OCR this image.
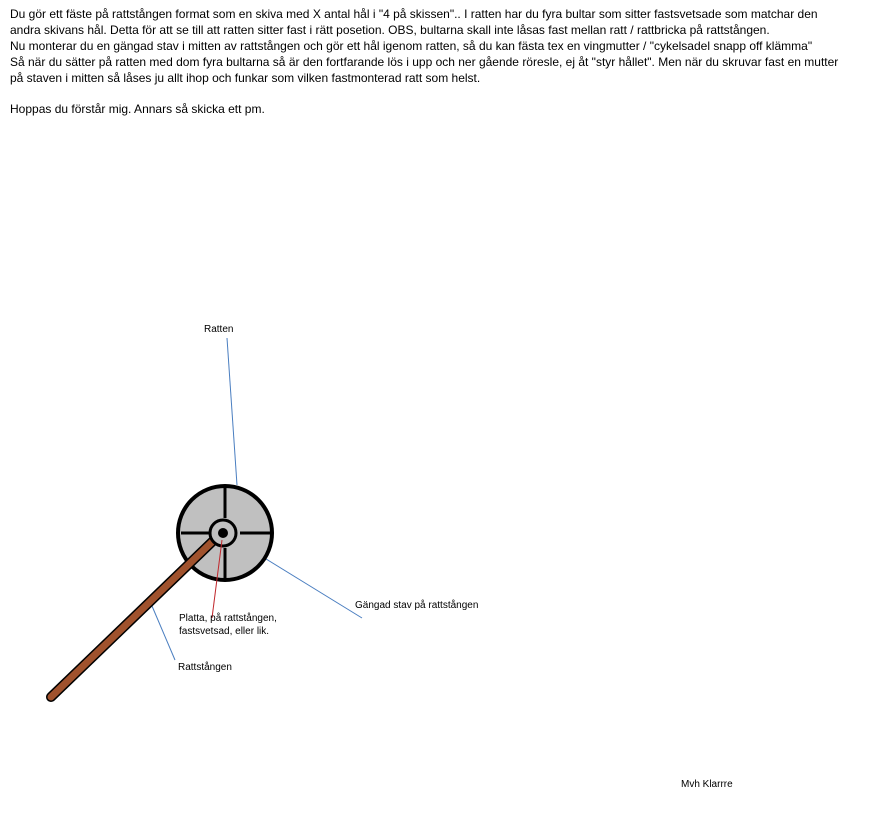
Du gör ett fäste på rattstången format som en skiva med X antal hål i "4 på skissen".. I ratten har du fyra bultar som sitter fastsvetsade som matchar den andra skivans hål. Detta för att se till att ratten sitter fast i rätt posetion. OBS, bultarna skall inte låsas fast mellan ratt / rattbricka på rattstången.

Nu monterar du en gängad stav i mitten av rattstången och gör ett hål igenom ratten, så du kan fästa tex en vingmutter / "cykelsadel snapp off klämma"

Så när du sätter på ratten med dom fyra bultarna så är den fortfarande lös i upp och ner gående röresle, ej åt "styr hållet". Men när du skruvar fast en mutter på staven i mitten så låses ju allt ihop och funkar som vilken fastmonterad ratt som helst.

Hoppas du förstår mig. Annars så skicka ett pm.

Ratten
Gängad stav på rattstången
Platta, på rattstången,
fastsvetsad, eller lik.
Rattstången
Mvh Klarrre
